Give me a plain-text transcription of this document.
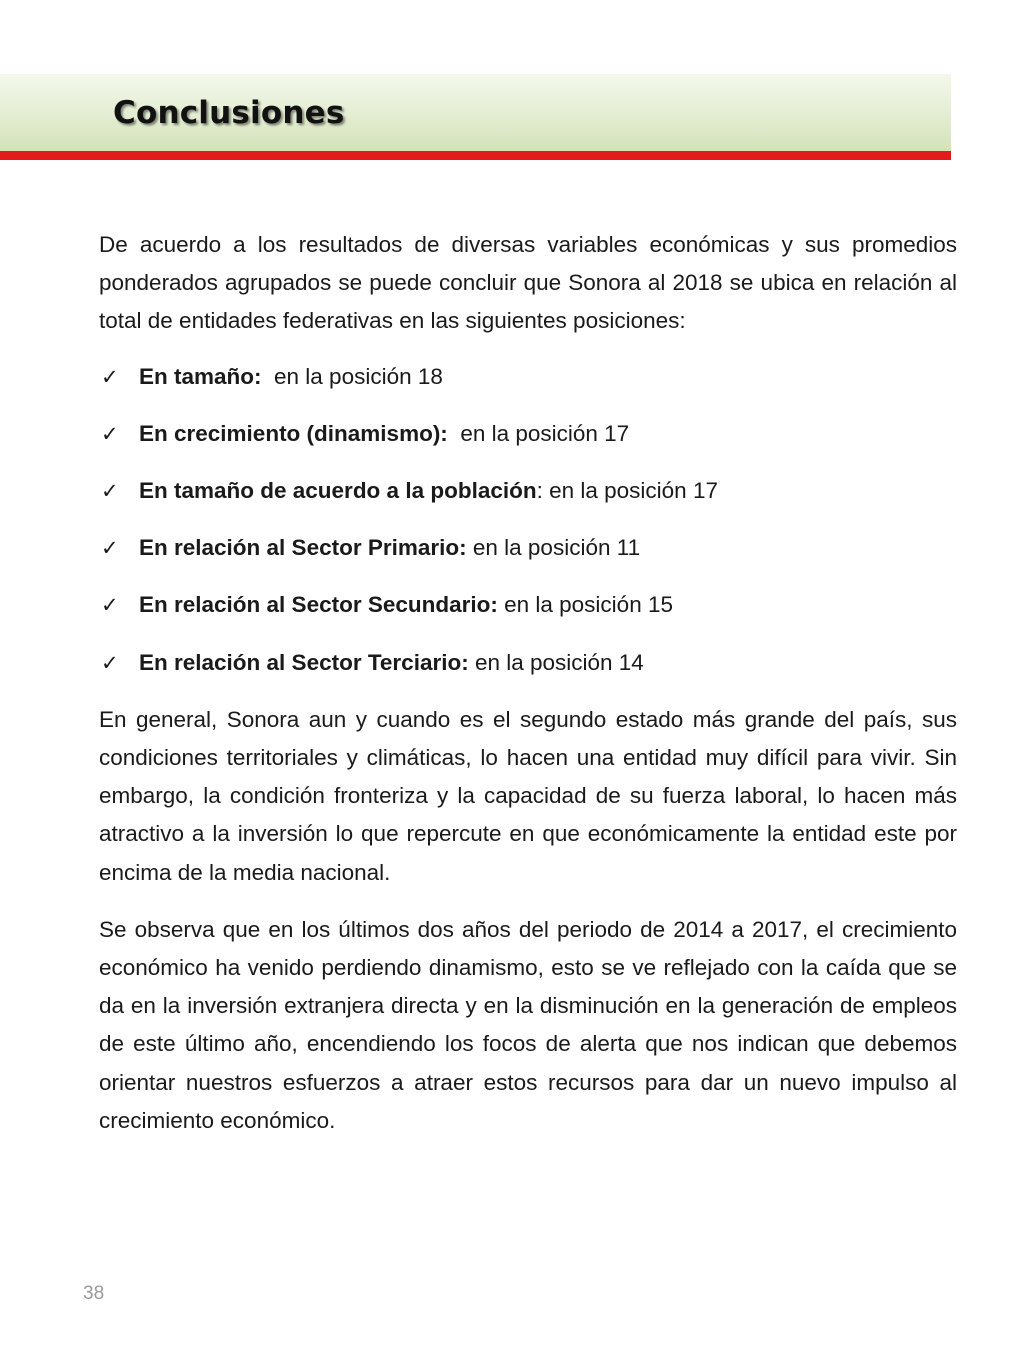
Conclusiones

De acuerdo a los resultados de diversas variables económicas y sus promedios ponderados agrupados se puede concluir que Sonora al 2018 se ubica en relación al total de entidades federativas en las siguientes posiciones:

✓ En tamaño:  en la posición 18
✓ En crecimiento (dinamismo):  en la posición 17
✓ En tamaño de acuerdo a la población: en la posición 17
✓ En relación al Sector Primario: en la posición 11
✓ En relación al Sector Secundario: en la posición 15
✓ En relación al Sector Terciario: en la posición 14

En general, Sonora aun y cuando es el segundo estado más grande del país, sus condiciones territoriales y climáticas, lo hacen una entidad muy difícil para vivir. Sin embargo, la condición fronteriza y la capacidad de su fuerza laboral, lo hacen más atractivo a la inversión lo que repercute en que económicamente la entidad este por encima de la media nacional.

Se observa que en los últimos dos años del periodo de 2014 a 2017, el crecimiento económico ha venido perdiendo dinamismo, esto se ve reflejado con la caída que se da en la inversión extranjera directa y en la disminución en la generación de empleos de este último año, encendiendo los focos de alerta que nos indican que debemos orientar nuestros esfuerzos a atraer estos recursos para dar un nuevo impulso al crecimiento económico.

38
